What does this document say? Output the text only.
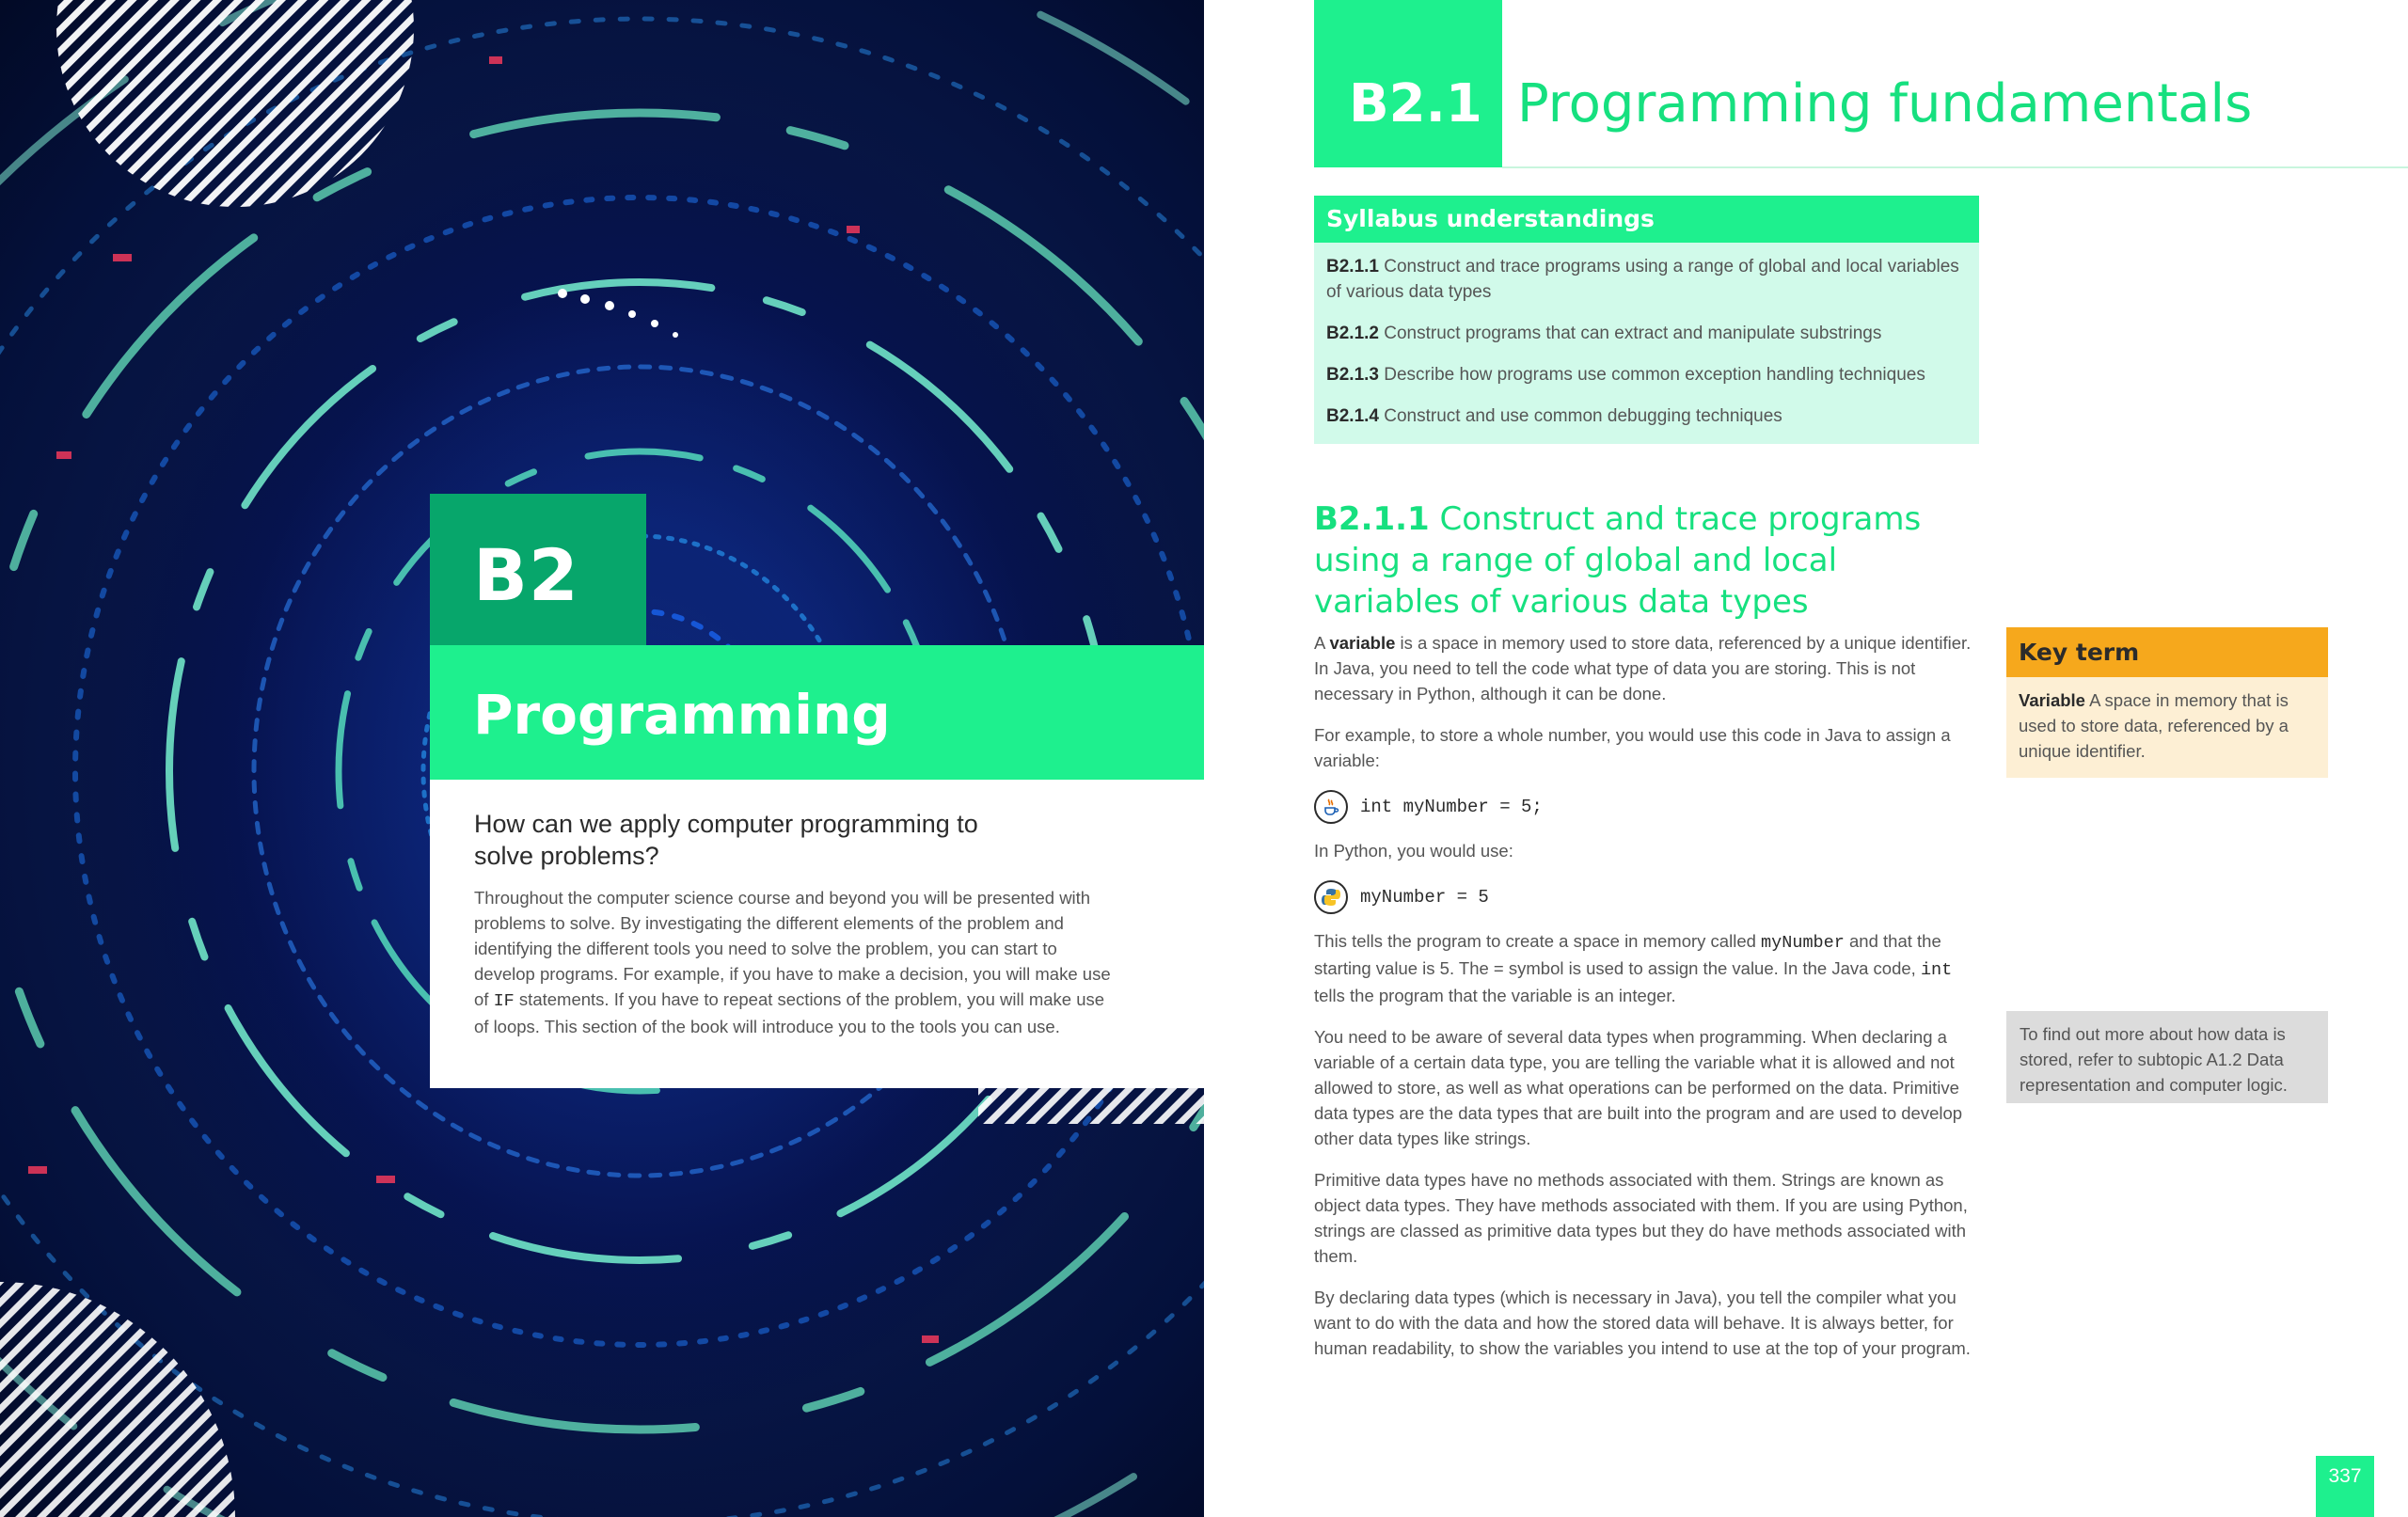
B2
Programming
How can we apply computer programming to solve problems?
Throughout the computer science course and beyond you will be presented with problems to solve. By investigating the different elements of the problem and identifying the different tools you need to solve the problem, you can start to develop programs. For example, if you have to make a decision, you will make use of IF statements. If you have to repeat sections of the problem, you will make use of loops. This section of the book will introduce you to the tools you can use.
B2.1 Programming fundamentals
Syllabus understandings
B2.1.1 Construct and trace programs using a range of global and local variables of various data types
B2.1.2 Construct programs that can extract and manipulate substrings
B2.1.3 Describe how programs use common exception handling techniques
B2.1.4 Construct and use common debugging techniques
B2.1.1 Construct and trace programs using a range of global and local variables of various data types

A variable is a space in memory used to store data, referenced by a unique identifier. In Java, you need to tell the code what type of data you are storing. This is not necessary in Python, although it can be done.

For example, to store a whole number, you would use this code in Java to assign a variable:

int myNumber = 5;

In Python, you would use:

myNumber = 5

This tells the program to create a space in memory called myNumber and that the starting value is 5. The = symbol is used to assign the value. In the Java code, int tells the program that the variable is an integer.

You need to be aware of several data types when programming. When declaring a variable of a certain data type, you are telling the variable what it is allowed and not allowed to store, as well as what operations can be performed on the data. Primitive data types are the data types that are built into the program and are used to develop other data types like strings.

Primitive data types have no methods associated with them. Strings are known as object data types. They have methods associated with them. If you are using Python, strings are classed as primitive data types but they do have methods associated with them.

By declaring data types (which is necessary in Java), you tell the compiler what you want to do with the data and how the stored data will behave. It is always better, for human readability, to show the variables you intend to use at the top of your program.

Key term
Variable A space in memory that is used to store data, referenced by a unique identifier.
To find out more about how data is stored, refer to subtopic A1.2 Data representation and computer logic.
337
